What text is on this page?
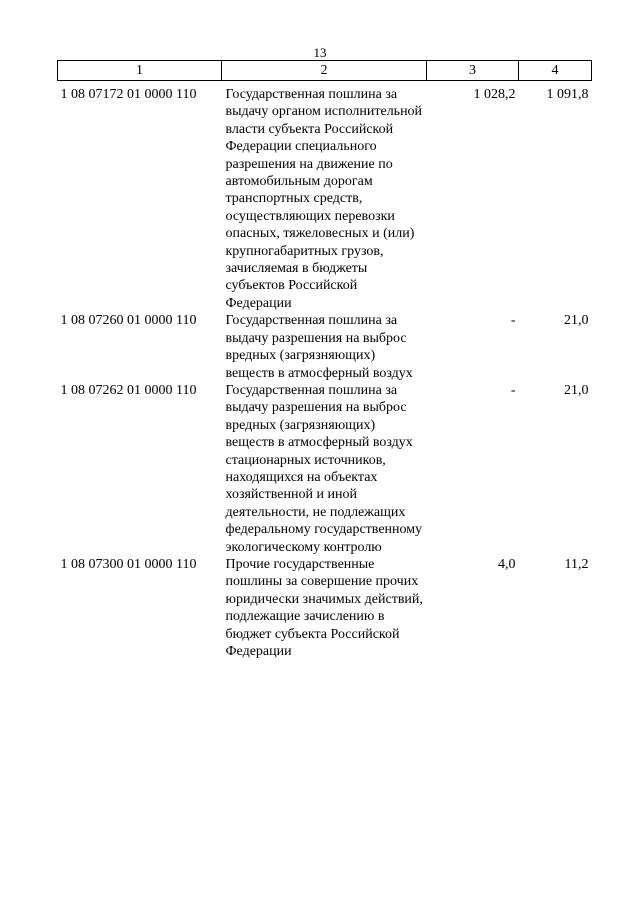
13
1	2	3	4
1 08 07172 01 0000 110	Государственная пошлина за выдачу органом исполнительной власти субъекта Российской Федерации специального разрешения на движение по автомобильным дорогам транспортных средств, осуществляющих перевозки опасных, тяжеловесных и (или) крупногабаритных грузов, зачисляемая в бюджеты субъектов Российской Федерации	1 028,2	1 091,8
1 08 07260 01 0000 110	Государственная пошлина за выдачу разрешения на выброс вредных (загрязняющих) веществ в атмосферный воздух	-	21,0
1 08 07262 01 0000 110	Государственная пошлина за выдачу разрешения на выброс вредных (загрязняющих) веществ в атмосферный воздух стационарных источников, находящихся на объектах хозяйственной и иной деятельности, не подлежащих федеральному государственному экологическому контролю	-	21,0
1 08 07300 01 0000 110	Прочие государственные пошлины за совершение прочих юридически значимых действий, подлежащие зачислению в бюджет субъекта Российской Федерации	4,0	11,2
